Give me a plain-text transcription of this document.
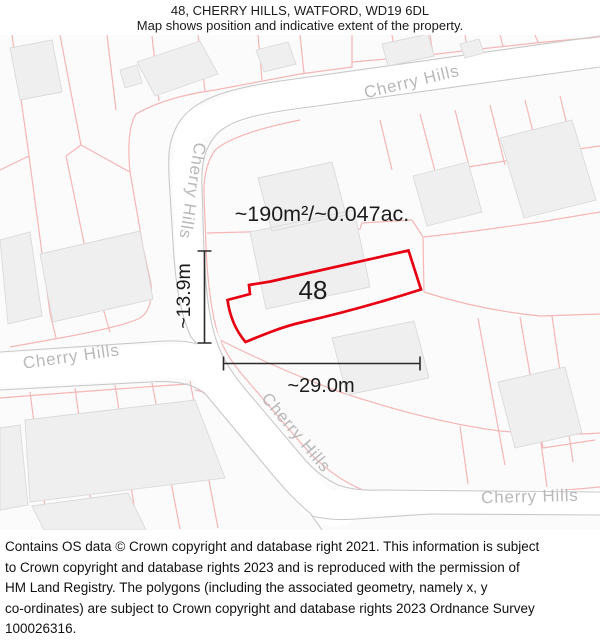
48, CHERRY HILLS, WATFORD, WD19 6DL
Map shows position and indicative extent of the property.
Cherry Hills
Cherry Hills
Cherry Hills
Cherry Hills
Cherry Hills
~190m²/~0.047ac.
48
~29.0m
~13.9m
Contains OS data © Crown copyright and database right 2021. This information is subject
to Crown copyright and database rights 2023 and is reproduced with the permission of
HM Land Registry. The polygons (including the associated geometry, namely x, y
co-ordinates) are subject to Crown copyright and database rights 2023 Ordnance Survey
100026316.
